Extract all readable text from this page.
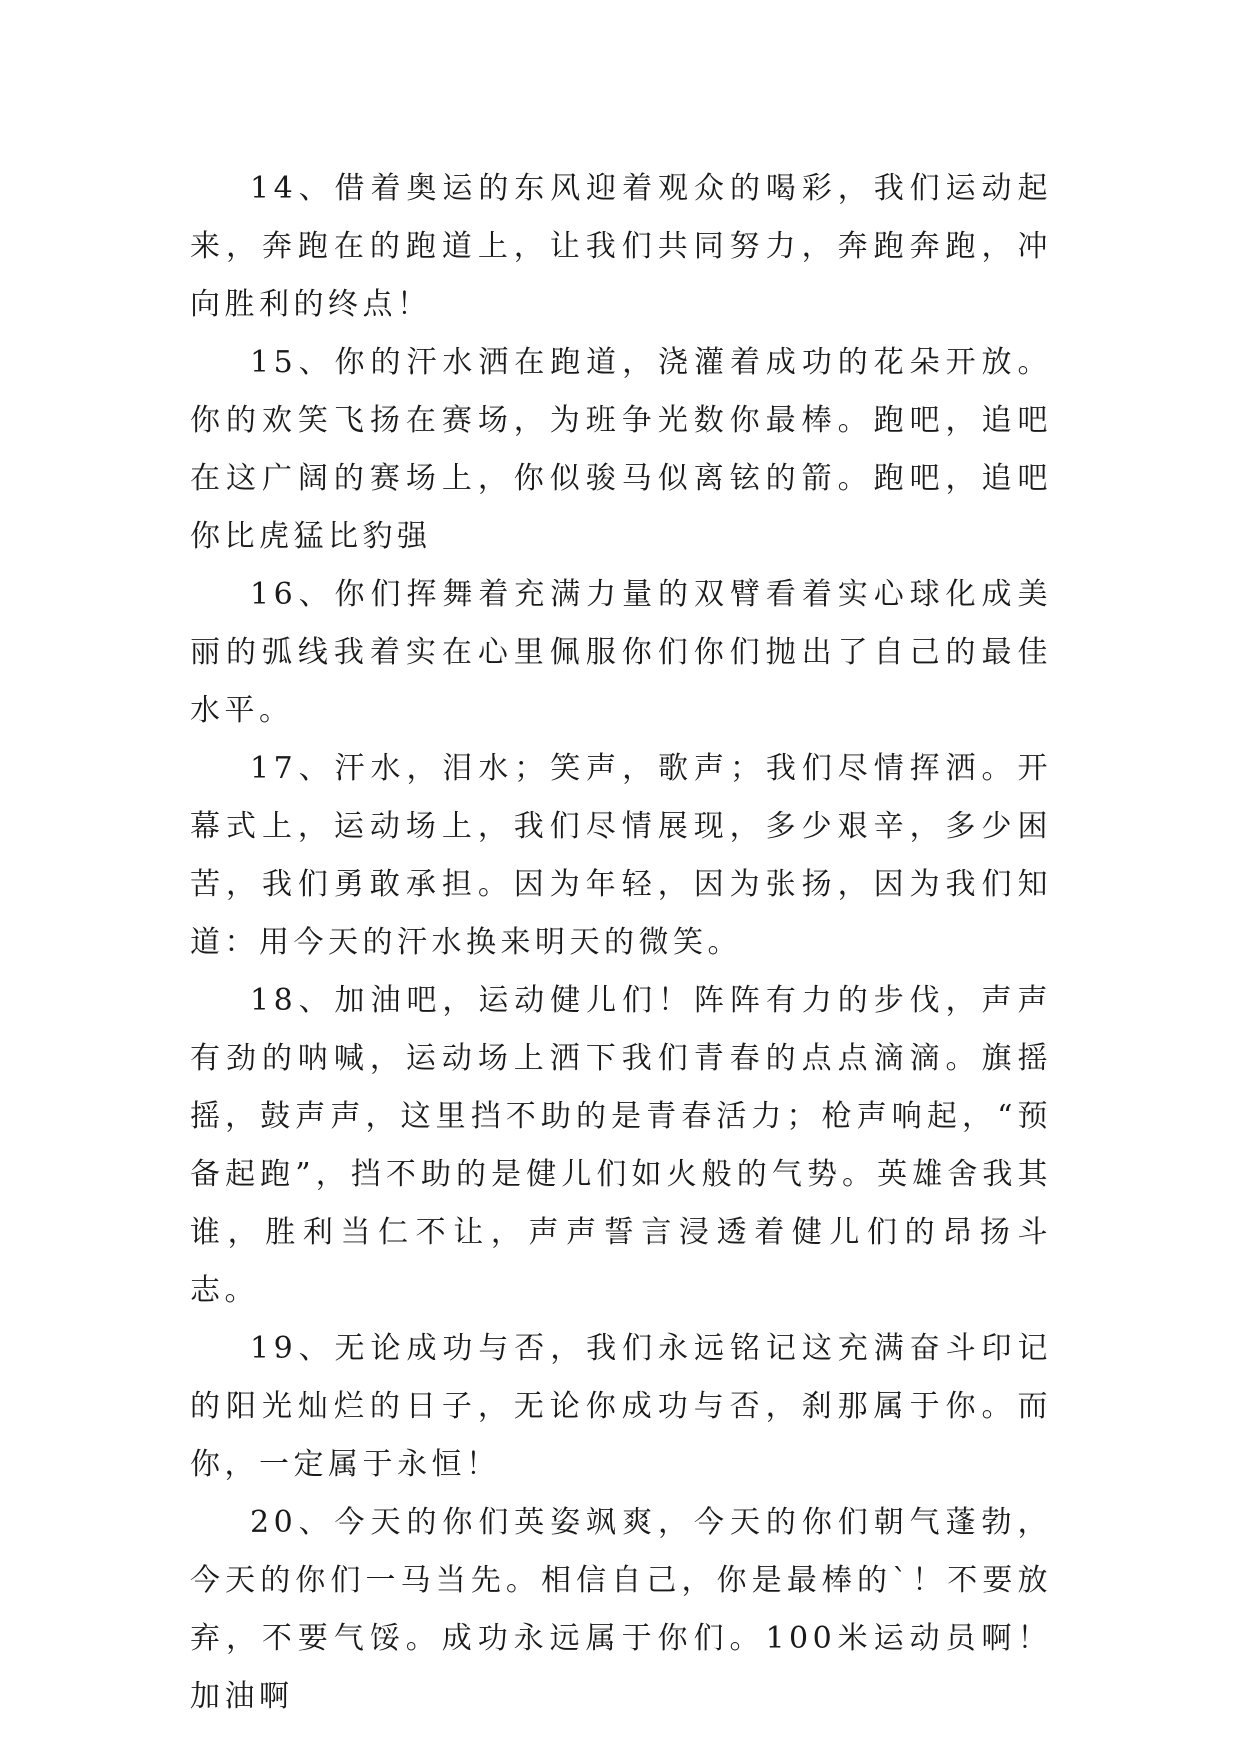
14、借着奥运的东风迎着观众的喝彩，我们运动起来，奔跑在的跑道上，让我们共同努力，奔跑奔跑，冲向胜利的终点！

15、你的汗水洒在跑道，浇灌着成功的花朵开放。你的欢笑飞扬在赛场，为班争光数你最棒。跑吧，追吧在这广阔的赛场上，你似骏马似离铉的箭。跑吧，追吧你比虎猛比豹强

16、你们挥舞着充满力量的双臂看着实心球化成美丽的弧线我着实在心里佩服你们你们抛出了自己的最佳水平。

17、汗水，泪水；笑声，歌声；我们尽情挥洒。开幕式上，运动场上，我们尽情展现，多少艰辛，多少困苦，我们勇敢承担。因为年轻，因为张扬，因为我们知道：用今天的汗水换来明天的微笑。

18、加油吧，运动健儿们！阵阵有力的步伐，声声有劲的呐喊，运动场上洒下我们青春的点点滴滴。旗摇摇，鼓声声，这里挡不助的是青春活力；枪声响起，“预备起跑”，挡不助的是健儿们如火般的气势。英雄舍我其谁，胜利当仁不让，声声誓言浸透着健儿们的昂扬斗志。

19、无论成功与否，我们永远铭记这充满奋斗印记的阳光灿烂的日子，无论你成功与否，刹那属于你。而你，一定属于永恒！

20、今天的你们英姿飒爽，今天的你们朝气蓬勃，今天的你们一马当先。相信自己，你是最棒的`！不要放弃，不要气馁。成功永远属于你们。100米运动员啊！加油啊
